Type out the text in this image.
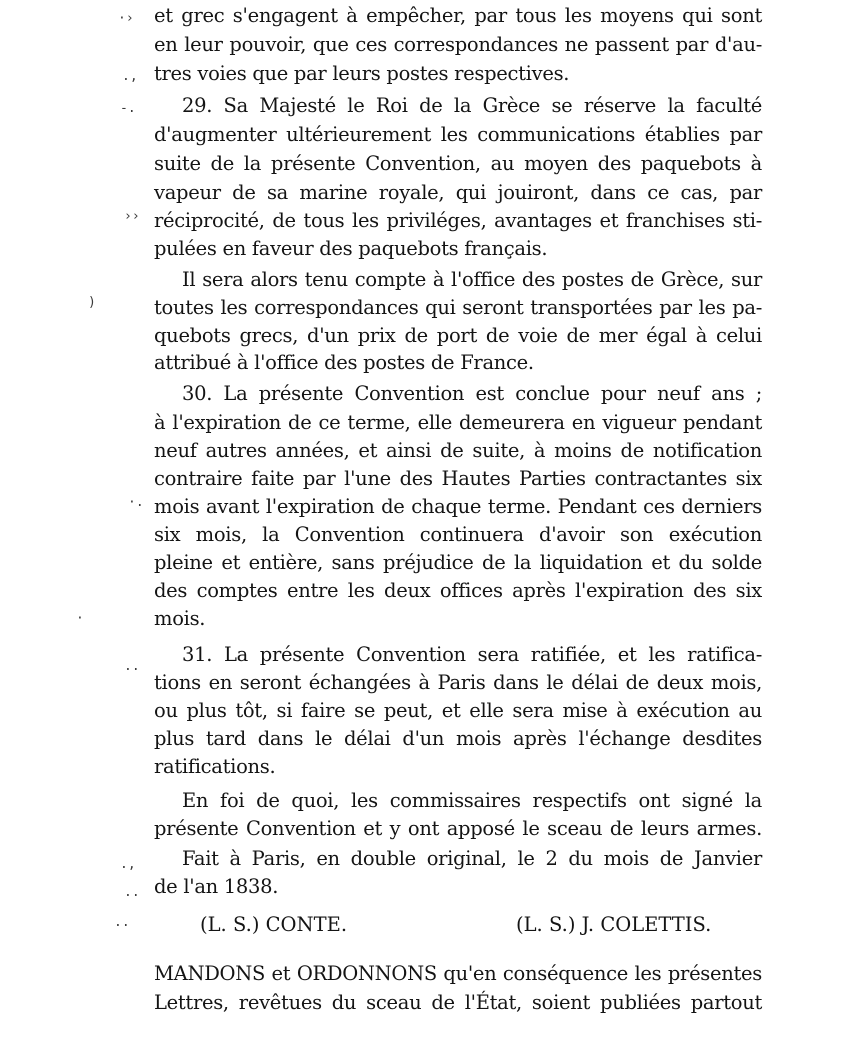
·›
.,
-.
››
)
·.
·
..
.,
..
..
et grec s'engagent à empêcher, par tous les moyens qui sont
en leur pouvoir, que ces correspondances ne passent par d'au-
tres voies que par leurs postes respectives.
29. Sa Majesté le Roi de la Grèce se réserve la faculté
d'augmenter ultérieurement les communications établies par
suite de la présente Convention, au moyen des paquebots à
vapeur de sa marine royale, qui jouiront, dans ce cas, par
réciprocité, de tous les priviléges, avantages et franchises sti-
pulées en faveur des paquebots français.
Il sera alors tenu compte à l'office des postes de Grèce, sur
toutes les correspondances qui seront transportées par les pa-
quebots grecs, d'un prix de port de voie de mer égal à celui
attribué à l'office des postes de France.
30. La présente Convention est conclue pour neuf ans ;
à l'expiration de ce terme, elle demeurera en vigueur pendant
neuf autres années, et ainsi de suite, à moins de notification
contraire faite par l'une des Hautes Parties contractantes six
mois avant l'expiration de chaque terme. Pendant ces derniers
six mois, la Convention continuera d'avoir son exécution
pleine et entière, sans préjudice de la liquidation et du solde
des comptes entre les deux offices après l'expiration des six
mois.
31. La présente Convention sera ratifiée, et les ratifica-
tions en seront échangées à Paris dans le délai de deux mois,
ou plus tôt, si faire se peut, et elle sera mise à exécution au
plus tard dans le délai d'un mois après l'échange desdites
ratifications.
En foi de quoi, les commissaires respectifs ont signé la
présente Convention et y ont apposé le sceau de leurs armes.
Fait à Paris, en double original, le 2 du mois de Janvier
de l'an 1838.
(L. S.) CONTE.	(L. S.) J. COLETTIS.
MANDONS et ORDONNONS qu'en conséquence les présentes
Lettres, revêtues du sceau de l'État, soient publiées partout
